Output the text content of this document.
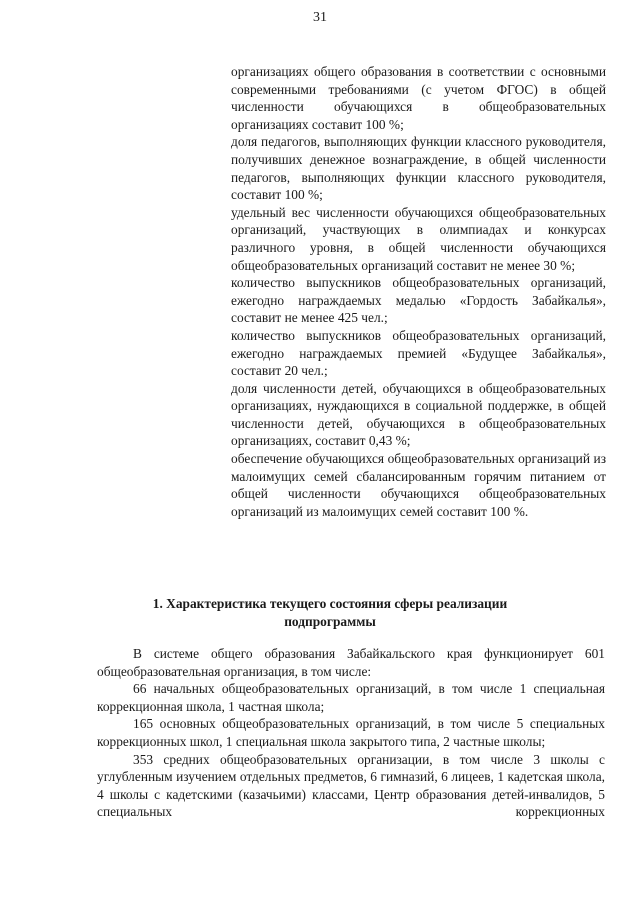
31

организациях общего образования в соответствии с основными современными требованиями (с учетом ФГОС) в общей численности обучающихся в общеобразовательных организациях составит 100 %;

доля педагогов, выполняющих функции классного руководителя, получивших денежное вознаграждение, в общей численности педагогов, выполняющих функции классного руководителя, составит 100 %;

удельный вес численности обучающихся общеобразовательных организаций, участвующих в олимпиадах и конкурсах различного уровня, в общей численности обучающихся общеобразовательных организаций составит не менее 30 %;

количество выпускников общеобразовательных организаций, ежегодно награждаемых медалью «Гордость Забайкалья», составит не менее 425 чел.;

количество выпускников общеобразовательных организаций, ежегодно награждаемых премией «Будущее Забайкалья», составит 20 чел.;

доля численности детей, обучающихся в общеобразовательных организациях, нуждающихся в социальной поддержке, в общей численности детей, обучающихся в общеобразовательных организациях, составит 0,43 %;

обеспечение обучающихся общеобразовательных организаций из малоимущих семей сбалансированным горячим питанием от общей численности обучающихся общеобразовательных организаций из малоимущих семей составит 100 %.

1. Характеристика текущего состояния сферы реализации подпрограммы

В системе общего образования Забайкальского края функционирует 601 общеобразовательная организация, в том числе:

66 начальных общеобразовательных организаций, в том числе 1 специальная коррекционная школа, 1 частная школа;

165 основных общеобразовательных организаций, в том числе 5 специальных коррекционных школ, 1 специальная школа закрытого типа, 2 частные школы;

353 средних общеобразовательных организации, в том числе 3 школы с углубленным изучением отдельных предметов, 6 гимназий, 6 лицеев, 1 кадетская школа, 4 школы с кадетскими (казачьими) классами, Центр образования детей-инвалидов, 5 специальных коррекционных
